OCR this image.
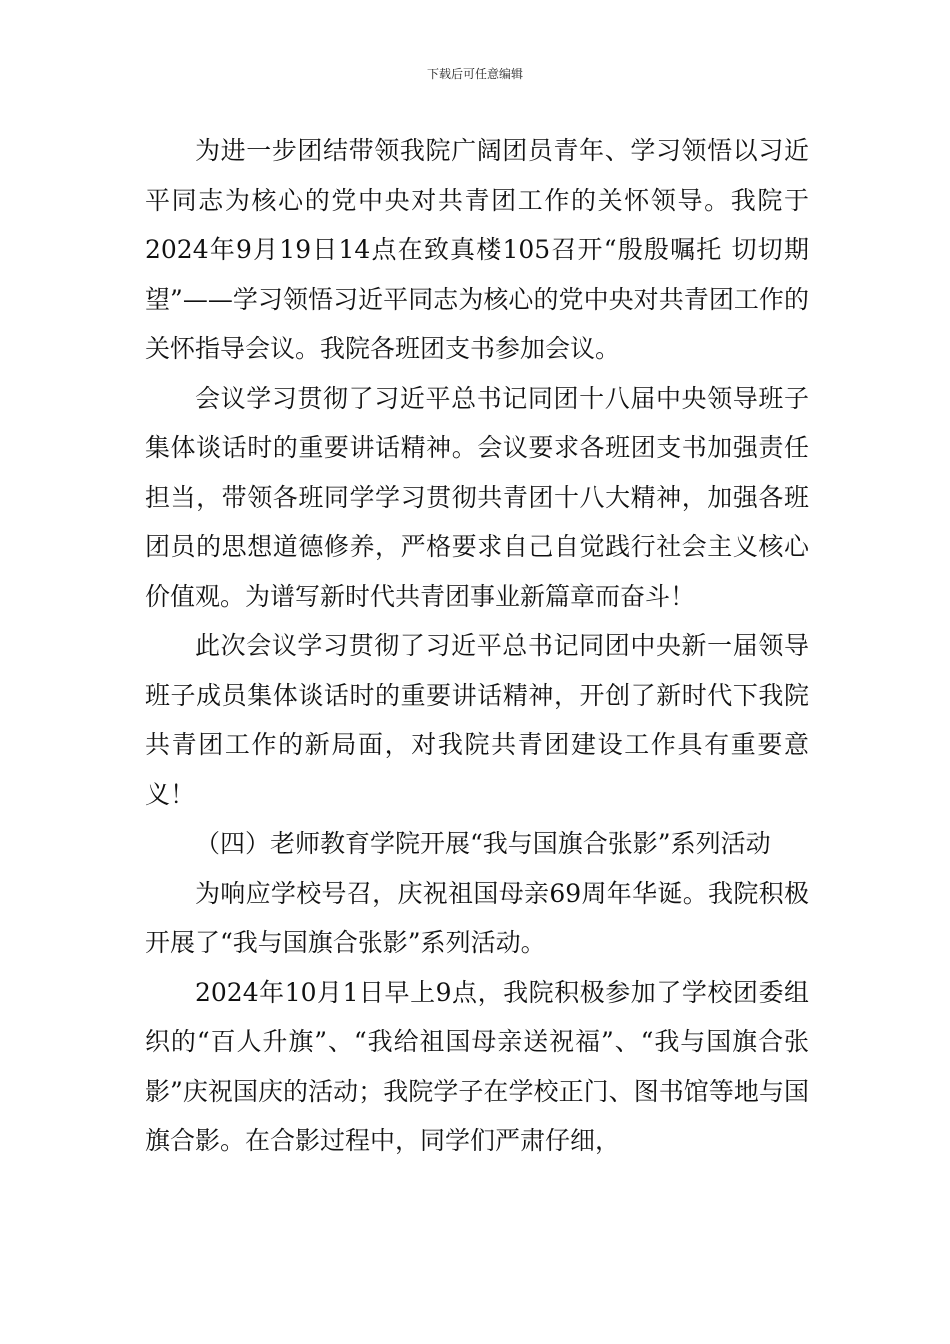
下载后可任意编辑

为进一步团结带领我院广阔团员青年、学习领悟以习近平同志为核心的党中央对共青团工作的关怀领导。我院于2024年9月19日14点在致真楼105召开“殷殷嘱托 切切期望”——学习领悟习近平同志为核心的党中央对共青团工作的关怀指导会议。我院各班团支书参加会议。

会议学习贯彻了习近平总书记同团十八届中央领导班子集体谈话时的重要讲话精神。会议要求各班团支书加强责任担当，带领各班同学学习贯彻共青团十八大精神，加强各班团员的思想道德修养，严格要求自己自觉践行社会主义核心价值观。为谱写新时代共青团事业新篇章而奋斗！

此次会议学习贯彻了习近平总书记同团中央新一届领导班子成员集体谈话时的重要讲话精神，开创了新时代下我院共青团工作的新局面，对我院共青团建设工作具有重要意义！

（四）老师教育学院开展“我与国旗合张影”系列活动

为响应学校号召，庆祝祖国母亲69周年华诞。我院积极开展了“我与国旗合张影”系列活动。

2024年10月1日早上9点，我院积极参加了学校团委组织的“百人升旗”、“我给祖国母亲送祝福”、“我与国旗合张影”庆祝国庆的活动；我院学子在学校正门、图书馆等地与国旗合影。在合影过程中，同学们严肃仔细，
